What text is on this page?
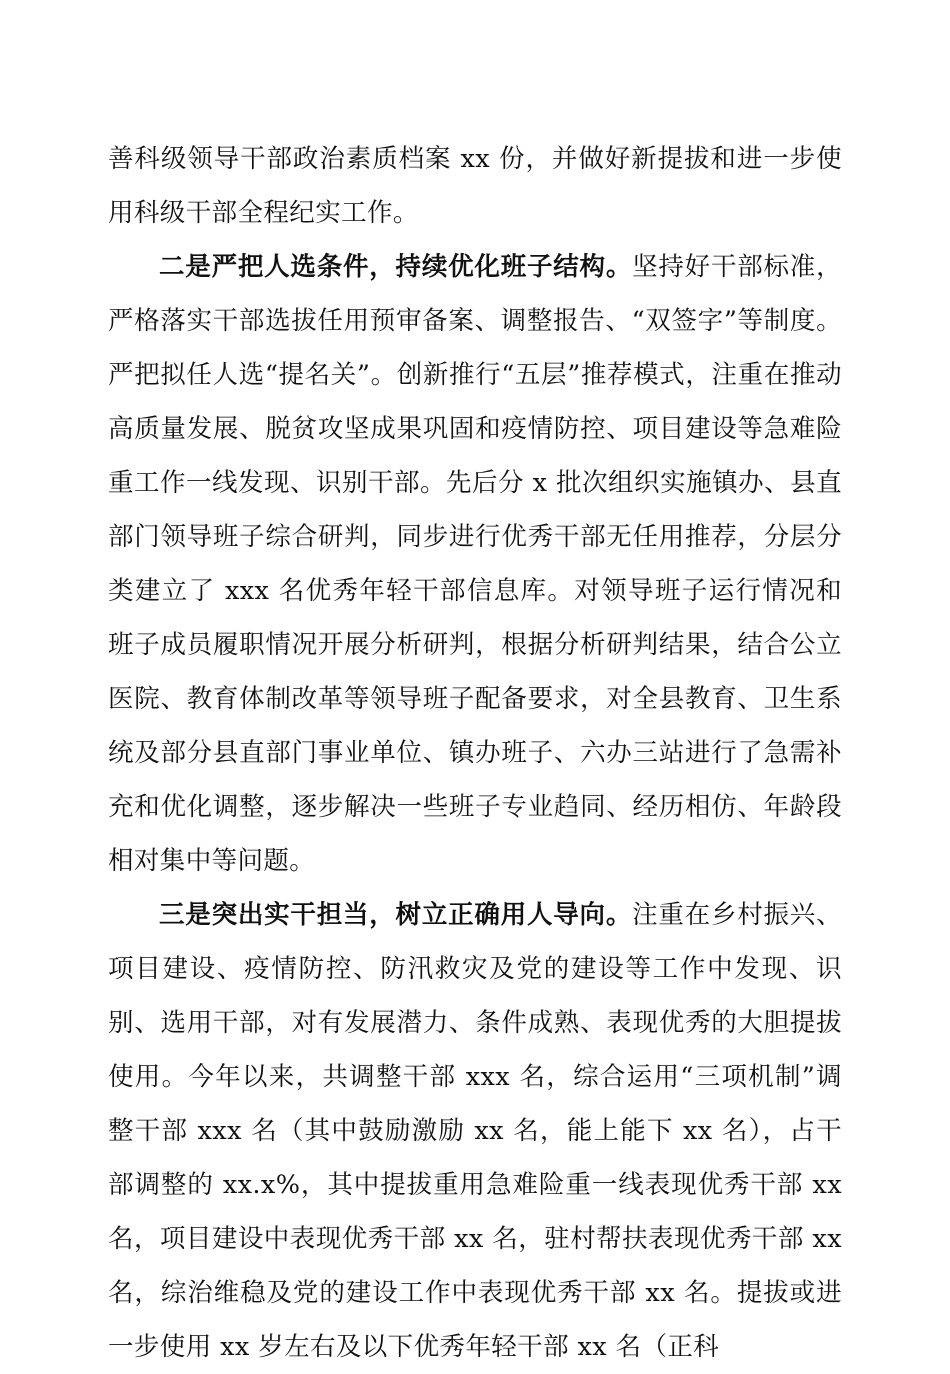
善科级领导干部政治素质档案 xx 份，并做好新提拔和进一步使用科级干部全程纪实工作。

二是严把人选条件，持续优化班子结构。坚持好干部标准，严格落实干部选拔任用预审备案、调整报告、“双签字”等制度。严把拟任人选“提名关”。创新推行“五层”推荐模式，注重在推动高质量发展、脱贫攻坚成果巩固和疫情防控、项目建设等急难险重工作一线发现、识别干部。先后分 x 批次组织实施镇办、县直部门领导班子综合研判，同步进行优秀干部无任用推荐，分层分类建立了 xxx 名优秀年轻干部信息库。对领导班子运行情况和班子成员履职情况开展分析研判，根据分析研判结果，结合公立医院、教育体制改革等领导班子配备要求，对全县教育、卫生系统及部分县直部门事业单位、镇办班子、六办三站进行了急需补充和优化调整，逐步解决一些班子专业趋同、经历相仿、年龄段相对集中等问题。

三是突出实干担当，树立正确用人导向。注重在乡村振兴、项目建设、疫情防控、防汛救灾及党的建设等工作中发现、识别、选用干部，对有发展潜力、条件成熟、表现优秀的大胆提拔使用。今年以来，共调整干部 xxx 名，综合运用“三项机制”调整干部 xxx 名（其中鼓励激励 xx 名，能上能下 xx 名），占干部调整的 xx.x%，其中提拔重用急难险重一线表现优秀干部 xx 名，项目建设中表现优秀干部 xx 名，驻村帮扶表现优秀干部 xx 名，综治维稳及党的建设工作中表现优秀干部 xx 名。提拔或进一步使用 xx 岁左右及以下优秀年轻干部 xx 名（正科
